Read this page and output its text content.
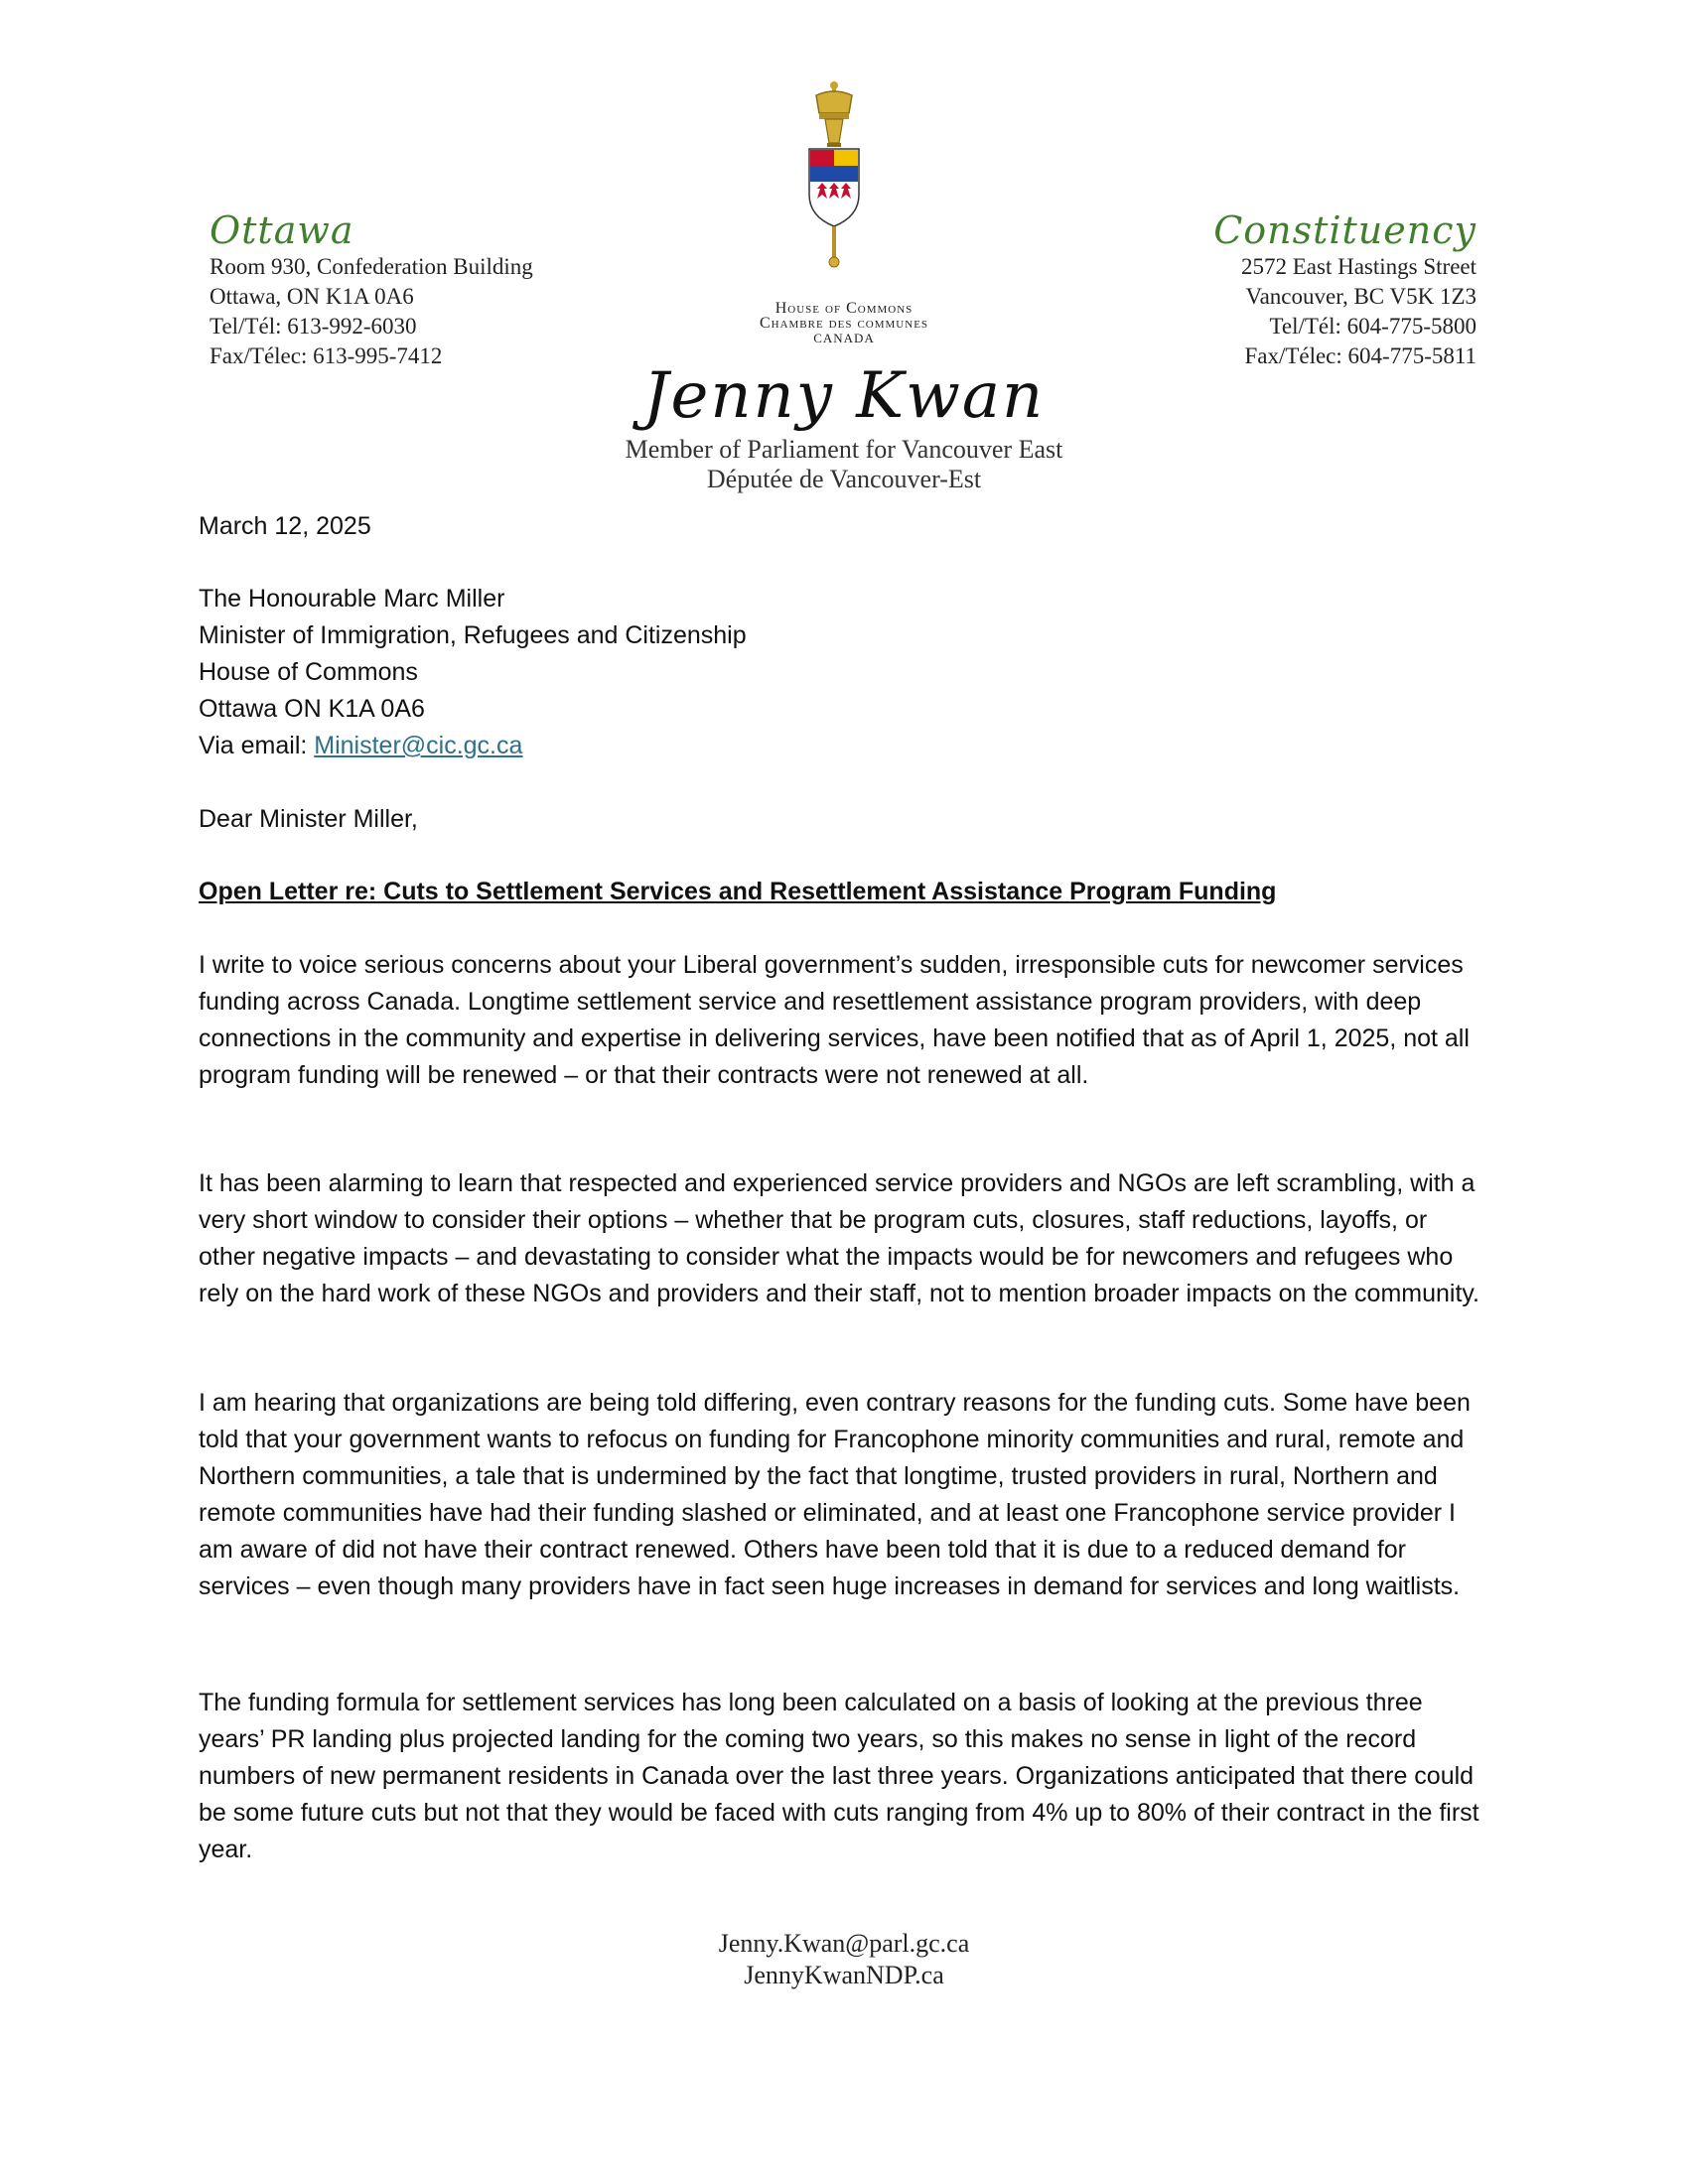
Ottawa
Room 930, Confederation Building
Ottawa, ON K1A 0A6
Tel/Tél: 613-992-6030
Fax/Télec: 613-995-7412
Constituency
2572 East Hastings Street
Vancouver, BC V5K 1Z3
Tel/Tél: 604-775-5800
Fax/Télec: 604-775-5811
House of Commons
Chambre des communes
CANADA
Jenny Kwan
Member of Parliament for Vancouver East
Députée de Vancouver-Est
March 12, 2025

The Honourable Marc Miller

Minister of Immigration, Refugees and Citizenship

House of Commons

Ottawa ON K1A 0A6

Via email: Minister@cic.gc.ca

Dear Minister Miller,
Open Letter re: Cuts to Settlement Services and Resettlement Assistance Program Funding
I write to voice serious concerns about your Liberal government’s sudden, irresponsible cuts for newcomer services funding across Canada. Longtime settlement service and resettlement assistance program providers, with deep connections in the community and expertise in delivering services, have been notified that as of April 1, 2025, not all program funding will be renewed – or that their contracts were not renewed at all.
It has been alarming to learn that respected and experienced service providers and NGOs are left scrambling, with a very short window to consider their options – whether that be program cuts, closures, staff reductions, layoffs, or other negative impacts – and devastating to consider what the impacts would be for newcomers and refugees who rely on the hard work of these NGOs and providers and their staff, not to mention broader impacts on the community.
I am hearing that organizations are being told differing, even contrary reasons for the funding cuts. Some have been told that your government wants to refocus on funding for Francophone minority communities and rural, remote and Northern communities, a tale that is undermined by the fact that longtime, trusted providers in rural, Northern and remote communities have had their funding slashed or eliminated, and at least one Francophone service provider I am aware of did not have their contract renewed. Others have been told that it is due to a reduced demand for services – even though many providers have in fact seen huge increases in demand for services and long waitlists.
The funding formula for settlement services has long been calculated on a basis of looking at the previous three years’ PR landing plus projected landing for the coming two years, so this makes no sense in light of the record numbers of new permanent residents in Canada over the last three years. Organizations anticipated that there could be some future cuts but not that they would be faced with cuts ranging from 4% up to 80% of their contract in the first year.
Jenny.Kwan@parl.gc.ca
JennyKwanNDP.ca
